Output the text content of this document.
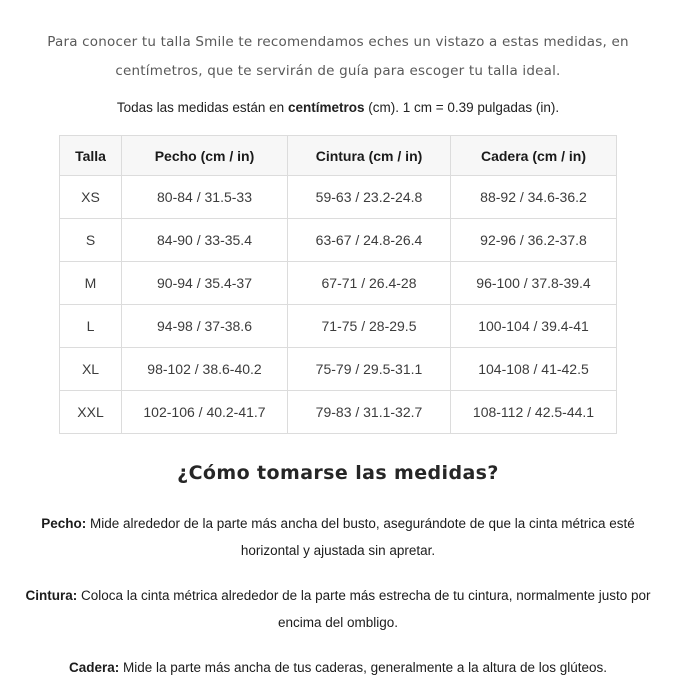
Para conocer tu talla Smile te recomendamos eches un vistazo a estas medidas, en centímetros, que te servirán de guía para escoger tu talla ideal.

Todas las medidas están en centímetros (cm). 1 cm = 0.39 pulgadas (in).

Talla	Pecho (cm / in)	Cintura (cm / in)	Cadera (cm / in)
XS	80-84 / 31.5-33	59-63 / 23.2-24.8	88-92 / 34.6-36.2
S	84-90 / 33-35.4	63-67 / 24.8-26.4	92-96 / 36.2-37.8
M	90-94 / 35.4-37	67-71 / 26.4-28	96-100 / 37.8-39.4
L	94-98 / 37-38.6	71-75 / 28-29.5	100-104 / 39.4-41
XL	98-102 / 38.6-40.2	75-79 / 29.5-31.1	104-108 / 41-42.5
XXL	102-106 / 40.2-41.7	79-83 / 31.1-32.7	108-112 / 42.5-44.1
¿Cómo tomarse las medidas?

Pecho: Mide alrededor de la parte más ancha del busto, asegurándote de que la cinta métrica esté horizontal y ajustada sin apretar.

Cintura: Coloca la cinta métrica alrededor de la parte más estrecha de tu cintura, normalmente justo por encima del ombligo.

Cadera: Mide la parte más ancha de tus caderas, generalmente a la altura de los glúteos.
